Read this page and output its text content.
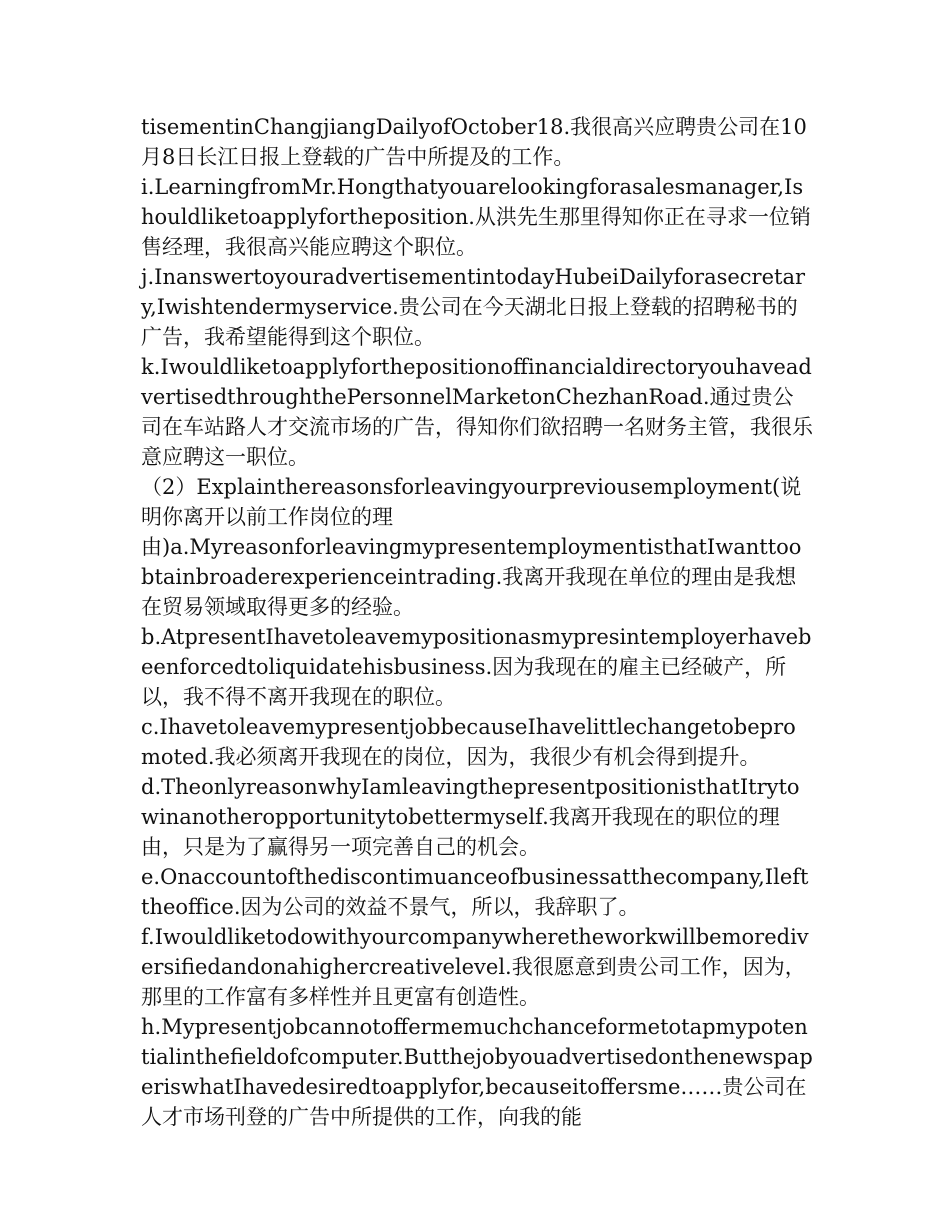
tisementinChangjiangDailyofOctober18.我很高兴应聘贵公司在10月8日长江日报上登载的广告中所提及的工作。

i.LearningfromMr.Hongthatyouarelookingforasalesmanager,Ishouldliketoapplyfortheposition.从洪先生那里得知你正在寻求一位销售经理，我很高兴能应聘这个职位。

j.InanswertoyouradvertisementintodayHubeiDailyforasecretary,Iwishtendermyservice.贵公司在今天湖北日报上登载的招聘秘书的广告，我希望能得到这个职位。

k.IwouldliketoapplyforthepositionoffinancialdirectoryouhaveadvertisedthroughthePersonnelMarketonChezhanRoad.通过贵公司在车站路人才交流市场的广告，得知你们欲招聘一名财务主管，我很乐意应聘这一职位。

（2）Explainthereasonsforleavingyourpreviousemployment(说明你离开以前工作岗位的理

由)a.MyreasonforleavingmypresentemploymentisthatIwanttoobtainbroaderexperienceintrading.我离开我现在单位的理由是我想在贸易领域取得更多的经验。

b.AtpresentIhavetoleavemypositionasmypresintemployerhavebeenforcedtoliquidatehisbusiness.因为我现在的雇主已经破产，所以，我不得不离开我现在的职位。

c.IhavetoleavemypresentjobbecauseIhavelittlechangetobepromoted.我必须离开我现在的岗位，因为，我很少有机会得到提升。

d.TheonlyreasonwhyIamleavingthepresentpositionisthatItrytowinanotheropportunitytobettermyself.我离开我现在的职位的理由，只是为了赢得另一项完善自己的机会。

e.Onaccountofthediscontimuanceofbusinessatthecompany,Ilefttheoffice.因为公司的效益不景气，所以，我辞职了。

f.Iwouldliketodowithyourcompanywheretheworkwillbemorediversifiedandonahighercreativelevel.我很愿意到贵公司工作，因为，那里的工作富有多样性并且更富有创造性。

h.Mypresentjobcannotoffermemuchchanceformetotapmypotentialinthefieldofcomputer.ButthejobyouadvertisedonthenewspaperiswhatIhavedesiredtoapplyfor,becauseitoffersme……贵公司在人才市场刊登的广告中所提供的工作，向我的能
